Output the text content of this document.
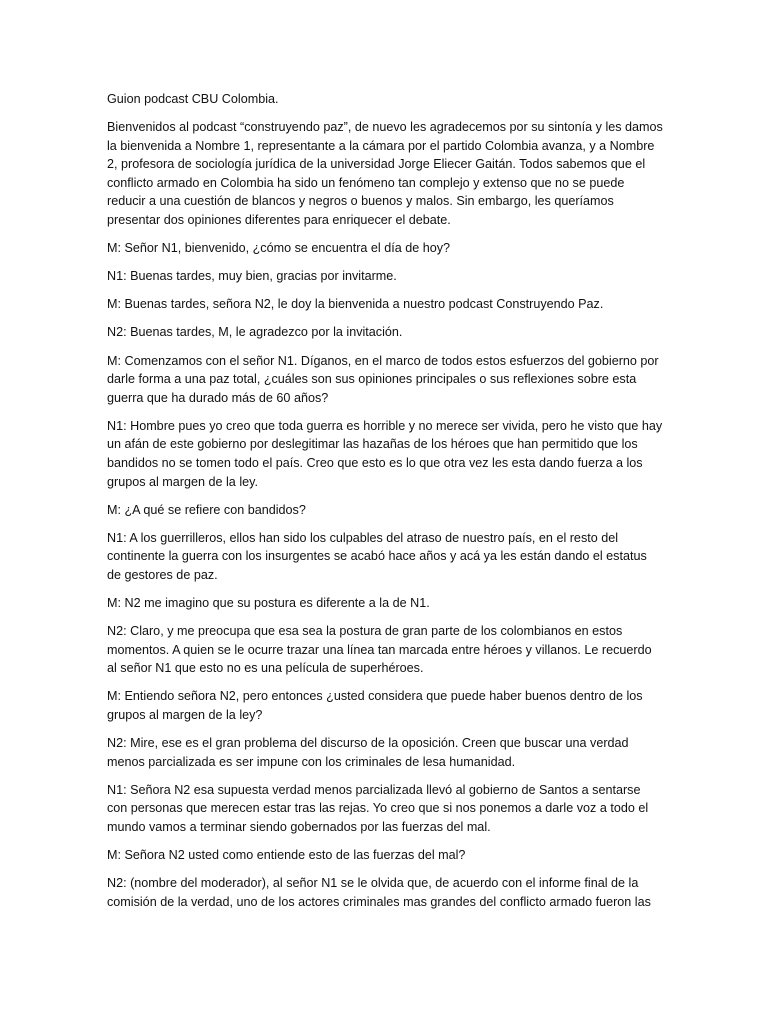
Guion podcast CBU Colombia.

Bienvenidos al podcast “construyendo paz”, de nuevo les agradecemos por su sintonía y les damos la bienvenida a Nombre 1, representante a la cámara por el partido Colombia avanza, y a Nombre 2, profesora de sociología jurídica de la universidad Jorge Eliecer Gaitán. Todos sabemos que el conflicto armado en Colombia ha sido un fenómeno tan complejo y extenso que no se puede reducir a una cuestión de blancos y negros o buenos y malos. Sin embargo, les queríamos presentar dos opiniones diferentes para enriquecer el debate.

M: Señor N1, bienvenido, ¿cómo se encuentra el día de hoy?

N1: Buenas tardes, muy bien, gracias por invitarme.

M: Buenas tardes, señora N2, le doy la bienvenida a nuestro podcast Construyendo Paz.

N2: Buenas tardes, M, le agradezco por la invitación.

M: Comenzamos con el señor N1. Díganos, en el marco de todos estos esfuerzos del gobierno por darle forma a una paz total, ¿cuáles son sus opiniones principales o sus reflexiones sobre esta guerra que ha durado más de 60 años?

N1: Hombre pues yo creo que toda guerra es horrible y no merece ser vivida, pero he visto que hay un afán de este gobierno por deslegitimar las hazañas de los héroes que han permitido que los bandidos no se tomen todo el país. Creo que esto es lo que otra vez les esta dando fuerza a los grupos al margen de la ley.

M: ¿A qué se refiere con bandidos?

N1: A los guerrilleros, ellos han sido los culpables del atraso de nuestro país, en el resto del continente la guerra con los insurgentes se acabó hace años y acá ya les están dando el estatus de gestores de paz.

M: N2 me imagino que su postura es diferente a la de N1.

N2: Claro, y me preocupa que esa sea la postura de gran parte de los colombianos en estos momentos. A quien se le ocurre trazar una línea tan marcada entre héroes y villanos. Le recuerdo al señor N1 que esto no es una película de superhéroes.

M: Entiendo señora N2, pero entonces ¿usted considera que puede haber buenos dentro de los grupos al margen de la ley?

N2: Mire, ese es el gran problema del discurso de la oposición. Creen que buscar una verdad menos parcializada es ser impune con los criminales de lesa humanidad.

N1: Señora N2 esa supuesta verdad menos parcializada llevó al gobierno de Santos a sentarse con personas que merecen estar tras las rejas. Yo creo que si nos ponemos a darle voz a todo el mundo vamos a terminar siendo gobernados por las fuerzas del mal.

M: Señora N2 usted como entiende esto de las fuerzas del mal?

N2: (nombre del moderador), al señor N1 se le olvida que, de acuerdo con el informe final de la comisión de la verdad, uno de los actores criminales mas grandes del conflicto armado fueron las
